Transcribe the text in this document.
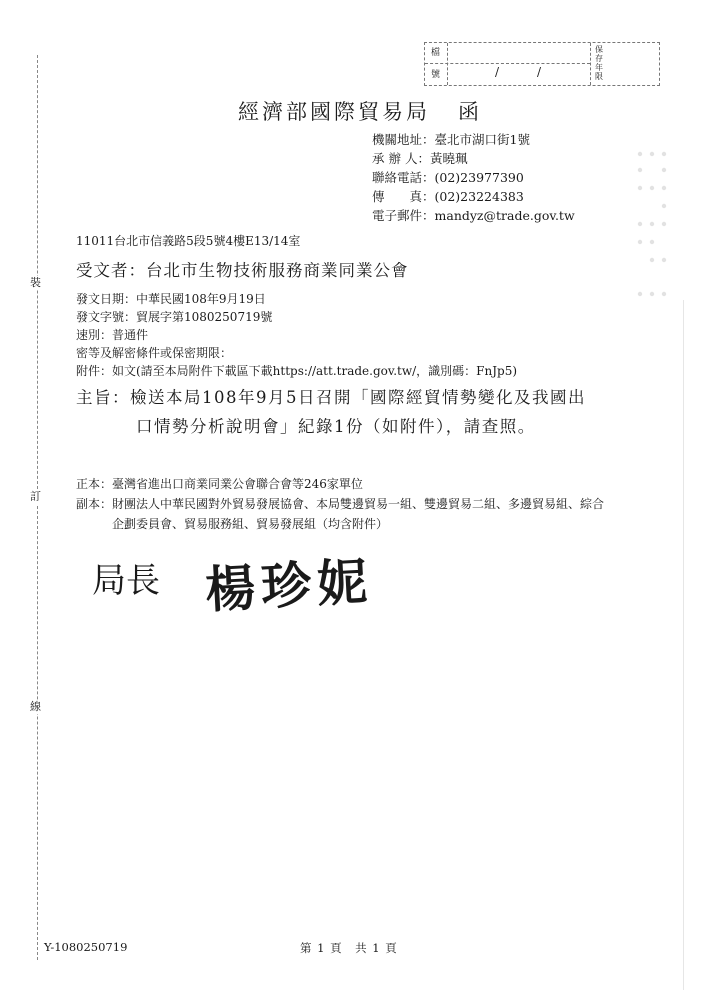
裝
訂
線
檔
號	/	/
保存年限
經濟部國際貿易局 函
機關地址：臺北市湖口街1號
承 辦 人：黃曉珮
聯絡電話：(02)23977390
傳　　真：(02)23224383
電子郵件：mandyz@trade.gov.tw
11011台北市信義路5段5號4樓E13/14室
受文者：台北市生物技術服務商業同業公會
發文日期：中華民國108年9月19日
發文字號：貿展字第1080250719號
速別：普通件
密等及解密條件或保密期限：
附件：如文(請至本局附件下載區下載https://att.trade.gov.tw/，識別碼：FnJp5)
主旨：檢送本局108年9月5日召開「國際經貿情勢變化及我國出
口情勢分析說明會」紀錄1份（如附件），請查照。
正本： 臺灣省進出口商業同業公會聯合會等246家單位
副本： 財團法人中華民國對外貿易發展協會、本局雙邊貿易一組、雙邊貿易二組、多邊貿易組、綜合企劃委員會、貿易服務組、貿易發展組（均含附件）
局長 楊珍妮
Y-1080250719	第 1 頁　共 1 頁
